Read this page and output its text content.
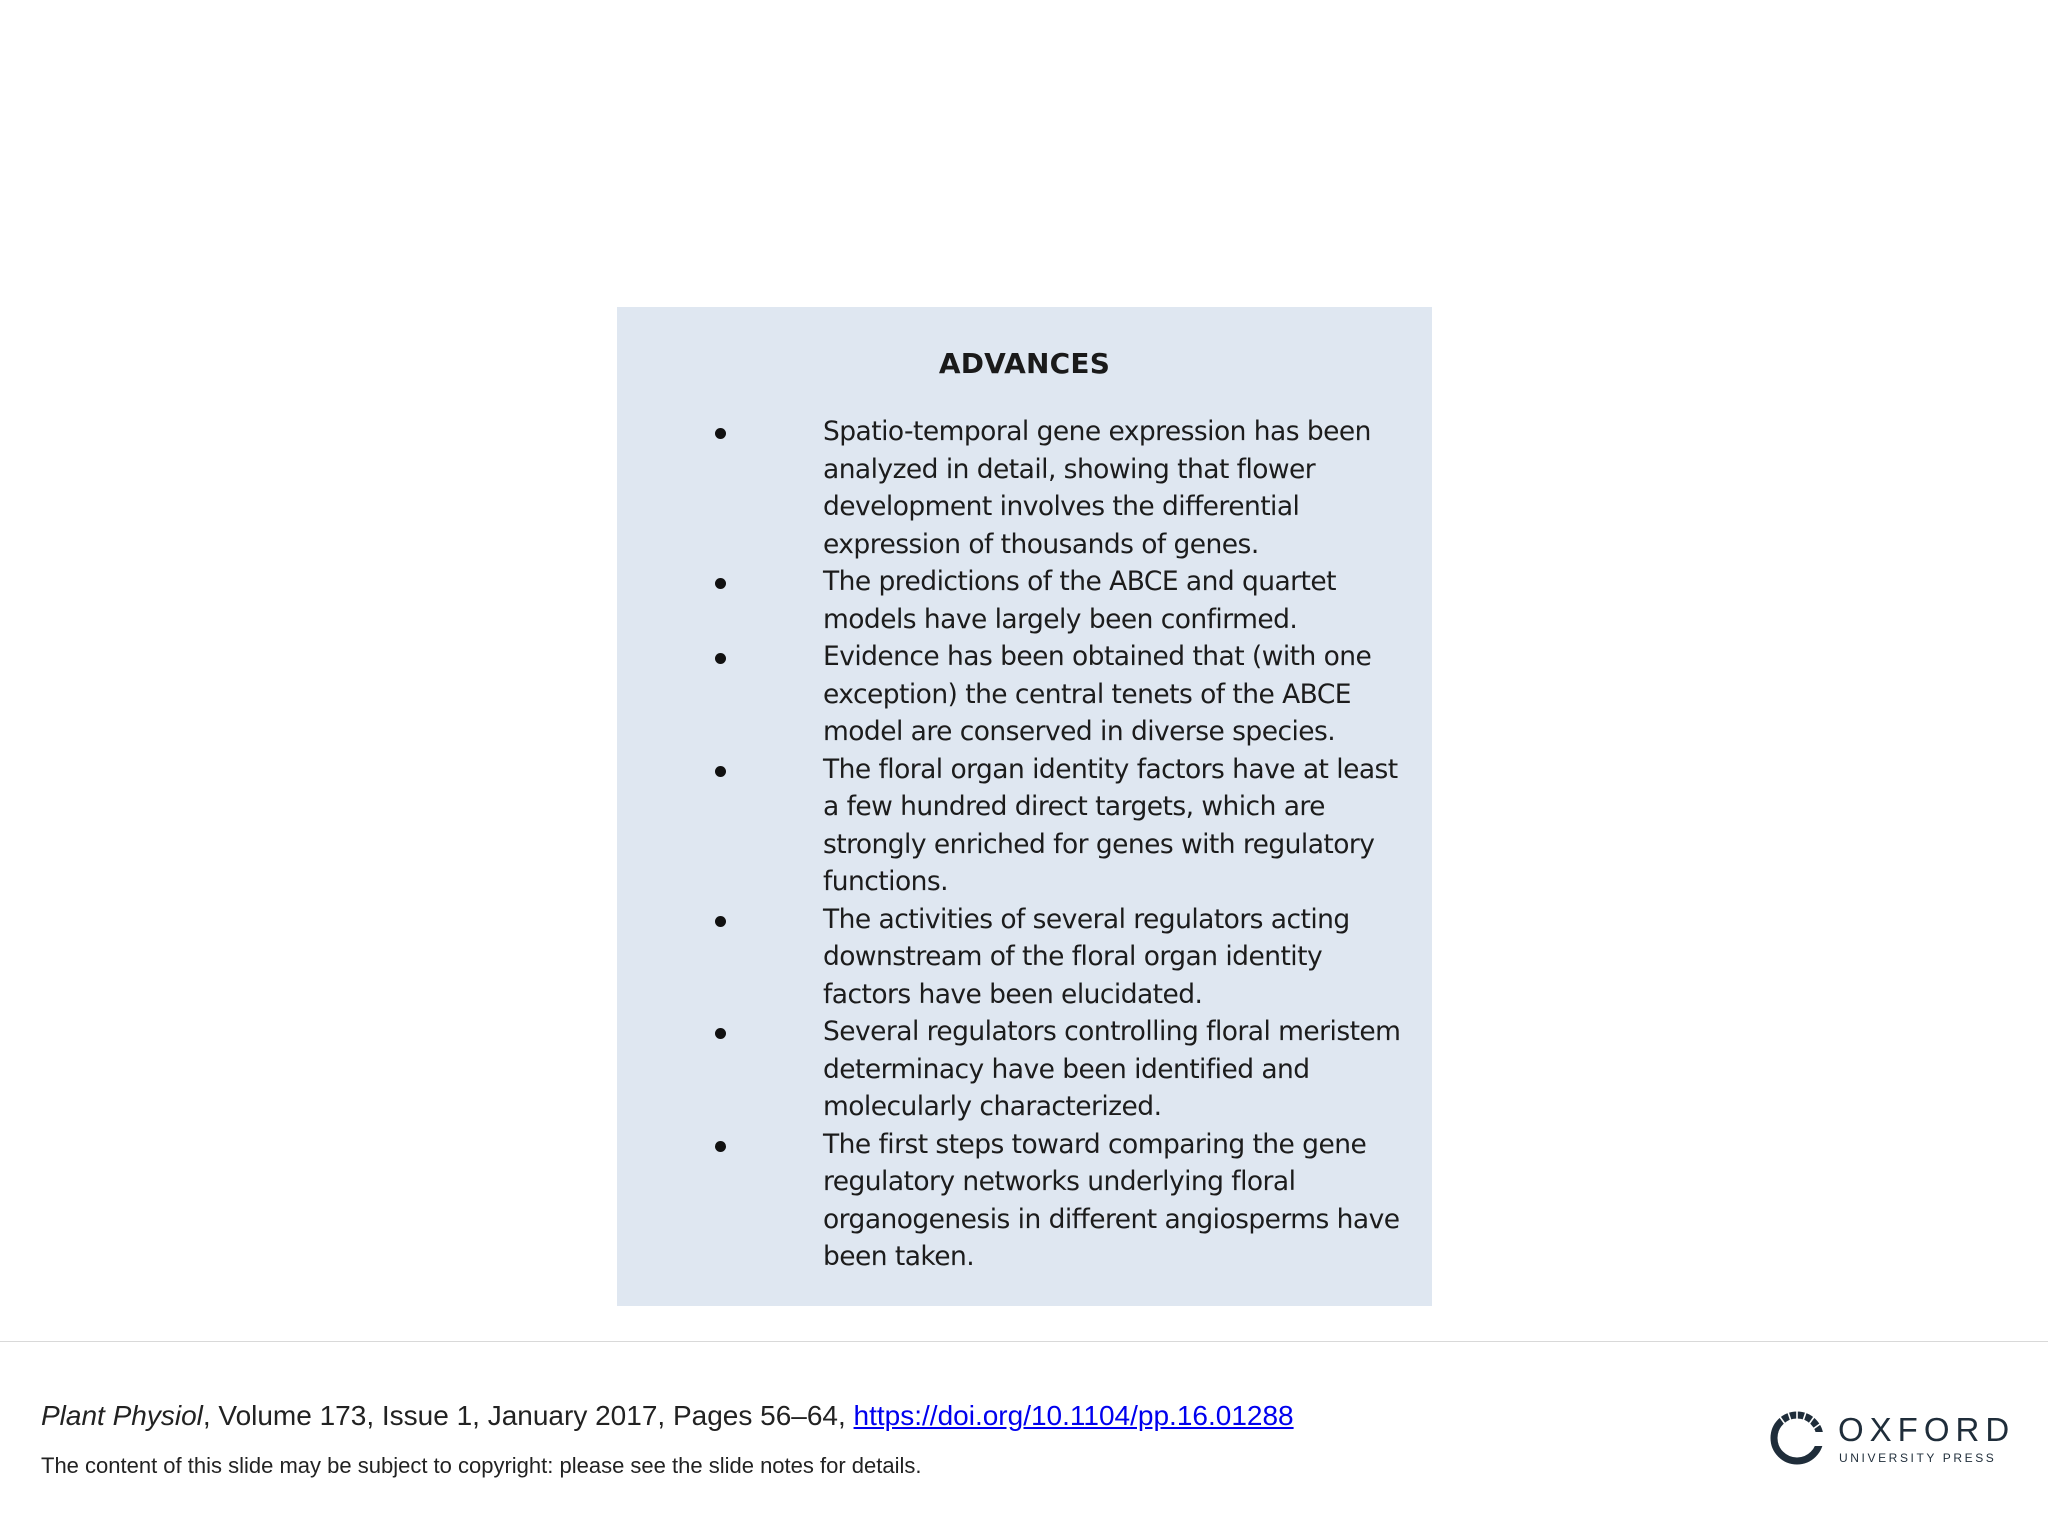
ADVANCES
Spatio-temporal gene expression has been analyzed in detail, showing that flower development involves the differential expression of thousands of genes.
The predictions of the ABCE and quartet models have largely been confirmed.
Evidence has been obtained that (with one exception) the central tenets of the ABCE model are conserved in diverse species.
The floral organ identity factors have at least a few hundred direct targets, which are strongly enriched for genes with regulatory functions.
The activities of several regulators acting downstream of the floral organ identity factors have been elucidated.
Several regulators controlling floral meristem determinacy have been identified and molecularly characterized.
The first steps toward comparing the gene regulatory networks underlying floral organogenesis in different angiosperms have been taken.
Plant Physiol, Volume 173, Issue 1, January 2017, Pages 56–64, https://doi.org/10.1104/pp.16.01288
The content of this slide may be subject to copyright: please see the slide notes for details.
OXFORD
UNIVERSITY PRESS
